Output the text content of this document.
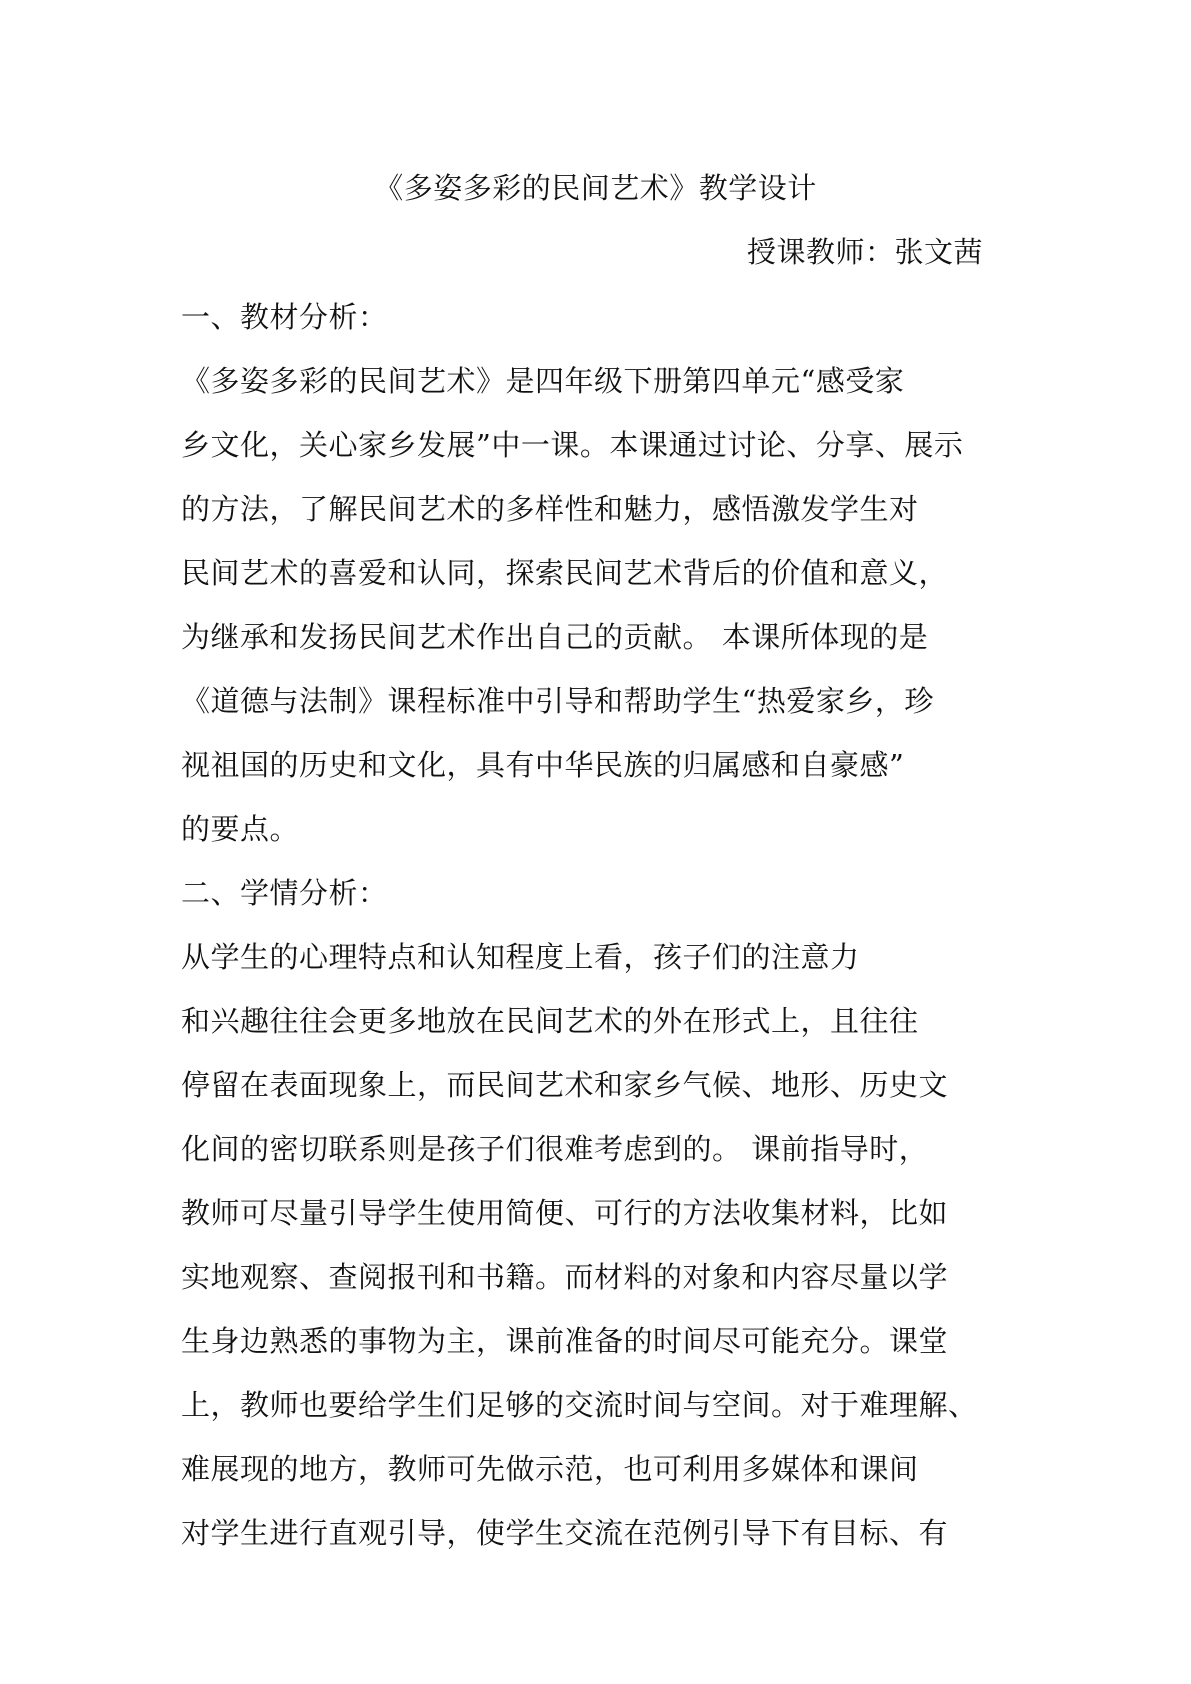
《多姿多彩的民间艺术》教学设计
授课教师：张文茜
一、教材分析：
《多姿多彩的民间艺术》是四年级下册第四单元“感受家
乡文化，关心家乡发展”中一课。本课通过讨论、分享、展示
的方法，了解民间艺术的多样性和魅力，感悟激发学生对
民间艺术的喜爱和认同，探索民间艺术背后的价值和意义，
为继承和发扬民间艺术作出自己的贡献。 本课所体现的是
《道德与法制》课程标准中引导和帮助学生“热爱家乡，珍
视祖国的历史和文化，具有中华民族的归属感和自豪感”
的要点。
二、学情分析：
从学生的心理特点和认知程度上看，孩子们的注意力
和兴趣往往会更多地放在民间艺术的外在形式上，且往往
停留在表面现象上，而民间艺术和家乡气候、地形、历史文
化间的密切联系则是孩子们很难考虑到的。 课前指导时，
教师可尽量引导学生使用简便、可行的方法收集材料，比如
实地观察、查阅报刊和书籍。而材料的对象和内容尽量以学
生身边熟悉的事物为主，课前准备的时间尽可能充分。课堂
上，教师也要给学生们足够的交流时间与空间。对于难理解、
难展现的地方，教师可先做示范，也可利用多媒体和课间
对学生进行直观引导，使学生交流在范例引导下有目标、有
